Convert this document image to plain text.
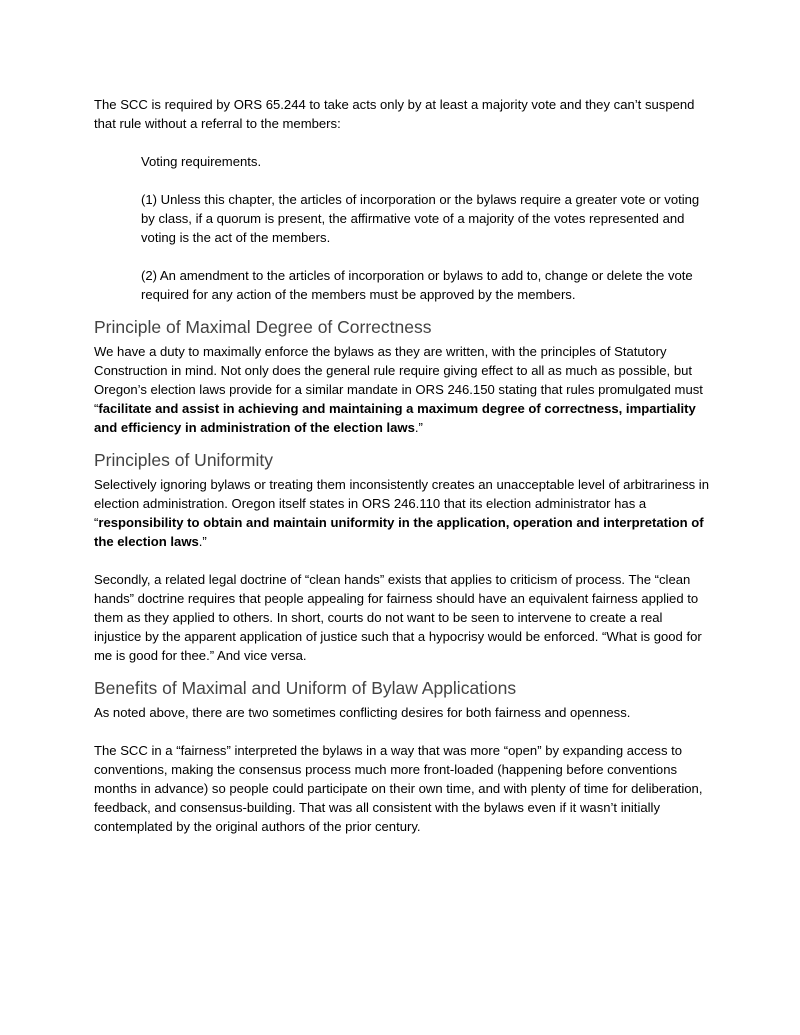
The SCC is required by ORS 65.244 to take acts only by at least a majority vote and they can’t suspend that rule without a referral to the members:

Voting requirements.

(1) Unless this chapter, the articles of incorporation or the bylaws require a greater vote or voting by class, if a quorum is present, the affirmative vote of a majority of the votes represented and voting is the act of the members.

(2) An amendment to the articles of incorporation or bylaws to add to, change or delete the vote required for any action of the members must be approved by the members.

Principle of Maximal Degree of Correctness

We have a duty to maximally enforce the bylaws as they are written, with the principles of Statutory Construction in mind. Not only does the general rule require giving effect to all as much as possible, but Oregon’s election laws provide for a similar mandate in ORS 246.150 stating that rules promulgated must “facilitate and assist in achieving and maintaining a maximum degree of correctness, impartiality and efficiency in administration of the election laws.”

Principles of Uniformity

Selectively ignoring bylaws or treating them inconsistently creates an unacceptable level of arbitrariness in election administration. Oregon itself states in ORS 246.110 that its election administrator has a “responsibility to obtain and maintain uniformity in the application, operation and interpretation of the election laws.”

Secondly, a related legal doctrine of “clean hands” exists that applies to criticism of process. The “clean hands” doctrine requires that people appealing for fairness should have an equivalent fairness applied to them as they applied to others. In short, courts do not want to be seen to intervene to create a real injustice by the apparent application of justice such that a hypocrisy would be enforced. “What is good for me is good for thee.” And vice versa.

Benefits of Maximal and Uniform of Bylaw Applications

As noted above, there are two sometimes conflicting desires for both fairness and openness.

The SCC in a “fairness” interpreted the bylaws in a way that was more “open” by expanding access to conventions, making the consensus process much more front-loaded (happening before conventions months in advance) so people could participate on their own time, and with plenty of time for deliberation, feedback, and consensus-building. That was all consistent with the bylaws even if it wasn’t initially contemplated by the original authors of the prior century.
